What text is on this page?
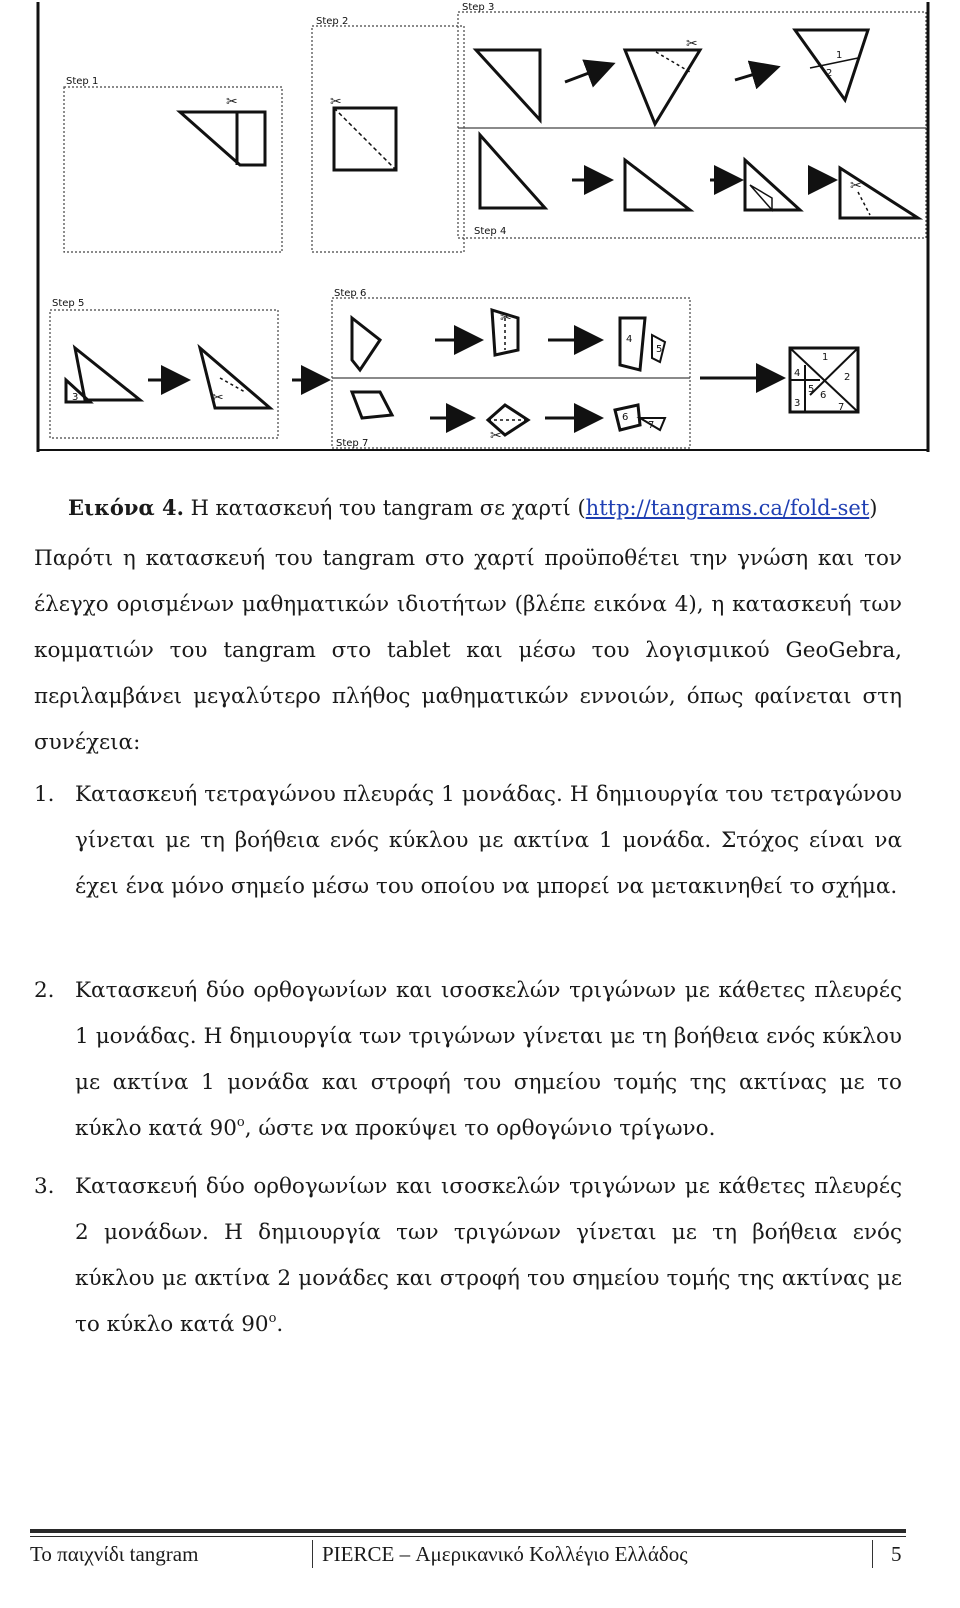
Step 1
Step 2
Step 3
Step 4
Step 5
Step 6
Step 7
✂	✂
✂
✂
✂
✂
✂
1
2
3
4
5
6
7
1
2
3
4
5
6
7
Εικόνα 4. Η κατασκευή του tangram σε χαρτί (http://tangrams.ca/fold-set)

Παρότι η κατασκευή του tangram στο χαρτί προϋποθέτει την γνώση και τον έλεγχο ορισμένων μαθηματικών ιδιοτήτων (βλέπε εικόνα 4), η κατασκευή των κομματιών του tangram στο tablet και μέσω του λογισμικού GeoGebra, περιλαμβάνει μεγαλύτερο πλήθος μαθηματικών εννοιών, όπως φαίνεται στη συνέχεια:

1. Κατασκευή τετραγώνου πλευράς 1 μονάδας. Η δημιουργία του τετραγώνου γίνεται με τη βοήθεια ενός κύκλου με ακτίνα 1 μονάδα. Στόχος είναι να έχει ένα μόνο σημείο μέσω του οποίου να μπορεί να μετακινηθεί το σχήμα.

2. Κατασκευή δύο ορθογωνίων και ισοσκελών τριγώνων με κάθετες πλευρές 1 μονάδας. Η δημιουργία των τριγώνων γίνεται με τη βοήθεια ενός κύκλου με ακτίνα 1 μονάδα και στροφή του σημείου τομής της ακτίνας με το κύκλο κατά $90^o$, ώστε να προκύψει το ορθογώνιο τρίγωνο.

3. Κατασκευή δύο ορθογωνίων και ισοσκελών τριγώνων με κάθετες πλευρές 2 μονάδων. Η δημιουργία των τριγώνων γίνεται με τη βοήθεια ενός κύκλου με ακτίνα 2 μονάδες και στροφή του σημείου τομής της ακτίνας με το κύκλο κατά $90^o$.

Το παιχνίδι tangram	PIERCE – Αμερικανικό Κολλέγιο Ελλάδος	5
